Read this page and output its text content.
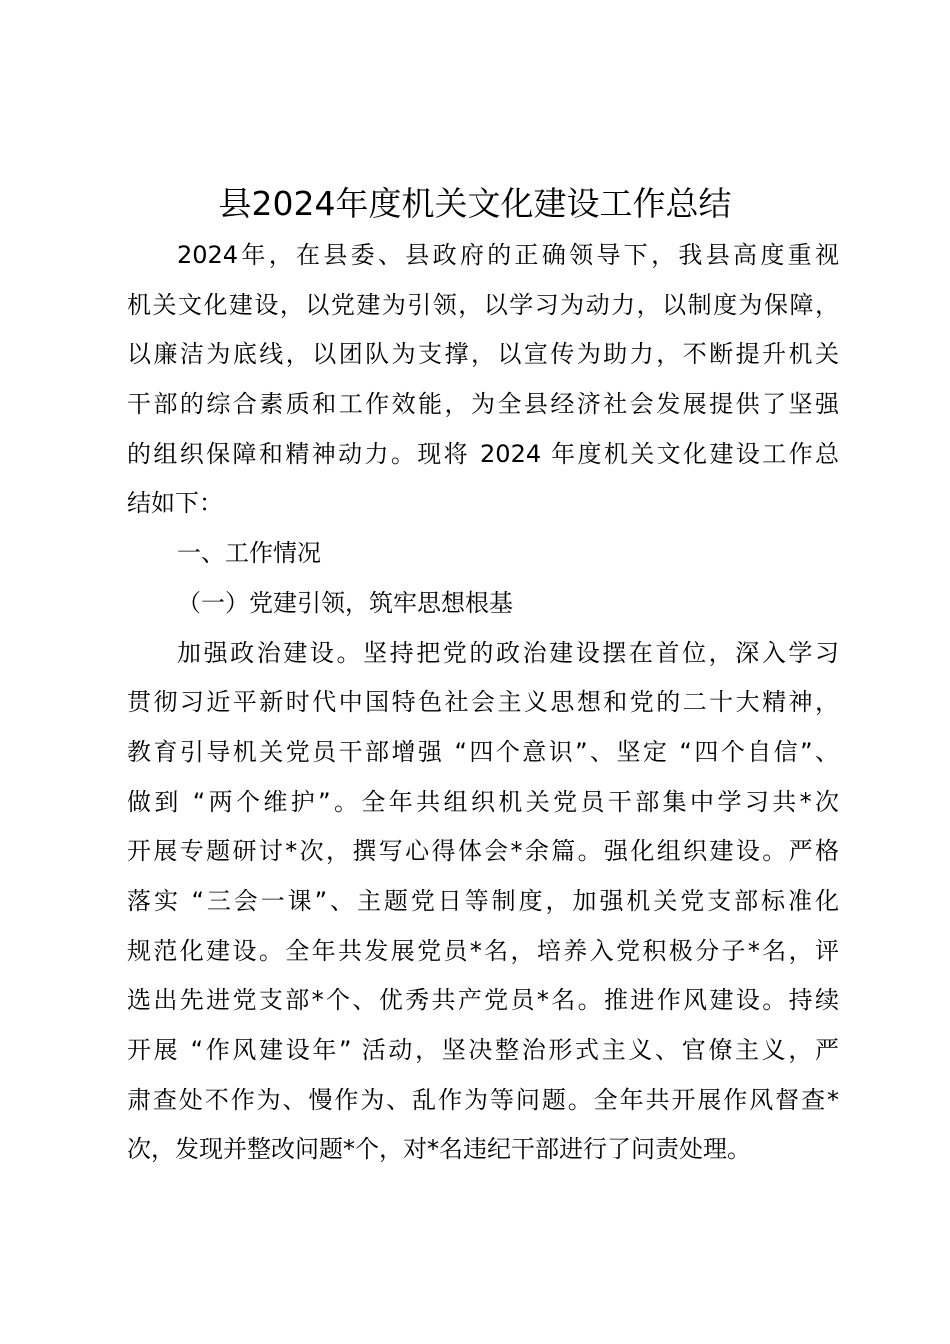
县2024年度机关文化建设工作总结
2024年，在县委、县政府的正确领导下，我县高度重视
机关文化建设，以党建为引领，以学习为动力，以制度为保障，
以廉洁为底线，以团队为支撑，以宣传为助力，不断提升机关
干部的综合素质和工作效能，为全县经济社会发展提供了坚强
的组织保障和精神动力。现将 2024 年度机关文化建设工作总
结如下：
一、工作情况
（一）党建引领，筑牢思想根基
加强政治建设。坚持把党的政治建设摆在首位，深入学习
贯彻习近平新时代中国特色社会主义思想和党的二十大精神，
教育引导机关党员干部增强 “四个意识”、坚定 “四个自信”、
做到 “两个维护”。全年共组织机关党员干部集中学习共*次
开展专题研讨*次，撰写心得体会*余篇。强化组织建设。严格
落实 “三会一课”、主题党日等制度，加强机关党支部标准化
规范化建设。全年共发展党员*名，培养入党积极分子*名，评
选出先进党支部*个、优秀共产党员*名。推进作风建设。持续
开展 “作风建设年” 活动，坚决整治形式主义、官僚主义，严
肃查处不作为、慢作为、乱作为等问题。全年共开展作风督查*
次，发现并整改问题*个，对*名违纪干部进行了问责处理。
